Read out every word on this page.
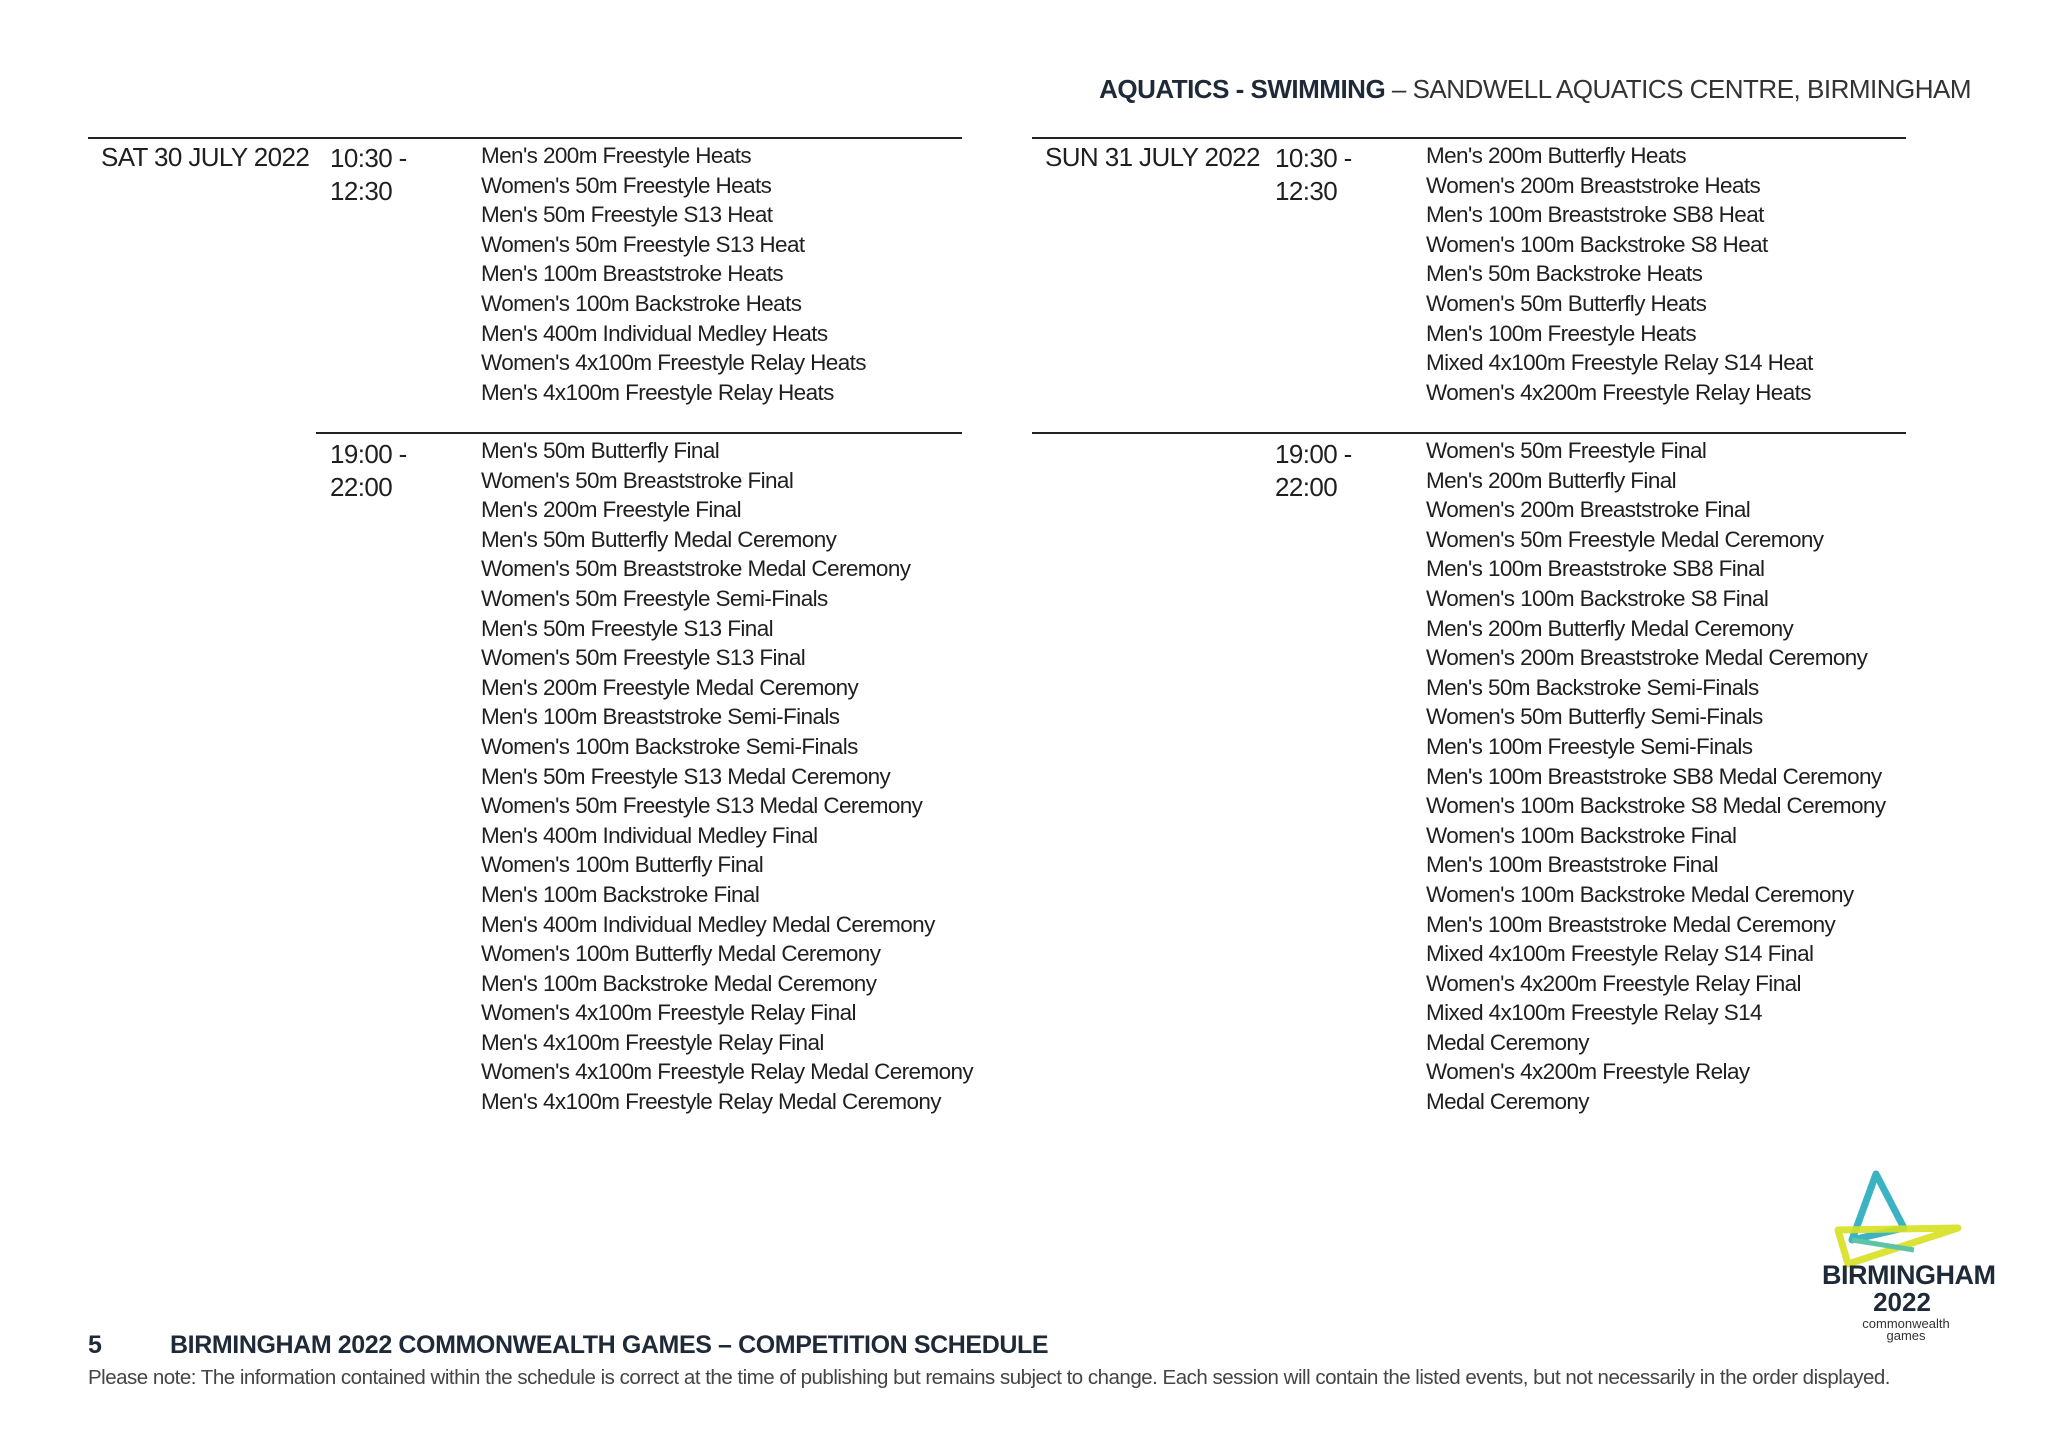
AQUATICS - SWIMMING – SANDWELL AQUATICS CENTRE, BIRMINGHAM
SAT 30 JULY 2022 10:30 -
12:30
Men's 200m Freestyle Heats
Women's 50m Freestyle Heats
Men's 50m Freestyle S13 Heat
Women's 50m Freestyle S13 Heat
Men's 100m Breaststroke Heats
Women's 100m Backstroke Heats
Men's 400m Individual Medley Heats
Women's 4x100m Freestyle Relay Heats
Men's 4x100m Freestyle Relay Heats
19:00 -
22:00
Men's 50m Butterfly Final
Women's 50m Breaststroke Final
Men's 200m Freestyle Final
Men's 50m Butterfly Medal Ceremony
Women's 50m Breaststroke Medal Ceremony
Women's 50m Freestyle Semi-Finals
Men's 50m Freestyle S13 Final
Women's 50m Freestyle S13 Final
Men's 200m Freestyle Medal Ceremony
Men's 100m Breaststroke Semi-Finals
Women's 100m Backstroke Semi-Finals
Men's 50m Freestyle S13 Medal Ceremony
Women's 50m Freestyle S13 Medal Ceremony
Men's 400m Individual Medley Final
Women's 100m Butterfly Final
Men's 100m Backstroke Final
Men's 400m Individual Medley Medal Ceremony
Women's 100m Butterfly Medal Ceremony
Men's 100m Backstroke Medal Ceremony
Women's 4x100m Freestyle Relay Final
Men's 4x100m Freestyle Relay Final
Women's 4x100m Freestyle Relay Medal Ceremony
Men's 4x100m Freestyle Relay Medal Ceremony
SUN 31 JULY 2022 10:30 -
12:30
Men's 200m Butterfly Heats
Women's 200m Breaststroke Heats
Men's 100m Breaststroke SB8 Heat
Women's 100m Backstroke S8 Heat
Men's 50m Backstroke Heats
Women's 50m Butterfly Heats
Men's 100m Freestyle Heats
Mixed 4x100m Freestyle Relay S14 Heat
Women's 4x200m Freestyle Relay Heats
19:00 -
22:00
Women's 50m Freestyle Final
Men's 200m Butterfly Final
Women's 200m Breaststroke Final
Women's 50m Freestyle Medal Ceremony
Men's 100m Breaststroke SB8 Final
Women's 100m Backstroke S8 Final
Men's 200m Butterfly Medal Ceremony
Women's 200m Breaststroke Medal Ceremony
Men's 50m Backstroke Semi-Finals
Women's 50m Butterfly Semi-Finals
Men's 100m Freestyle Semi-Finals
Men's 100m Breaststroke SB8 Medal Ceremony
Women's 100m Backstroke S8 Medal Ceremony
Women's 100m Backstroke Final
Men's 100m Breaststroke Final
Women's 100m Backstroke Medal Ceremony
Men's 100m Breaststroke Medal Ceremony
Mixed 4x100m Freestyle Relay S14 Final
Women's 4x200m Freestyle Relay Final
Mixed 4x100m Freestyle Relay S14
Medal Ceremony
Women's 4x200m Freestyle Relay
Medal Ceremony
BIRMINGHAM
2022
commonwealth
games
5	BIRMINGHAM 2022 COMMONWEALTH GAMES – COMPETITION SCHEDULE
Please note: The information contained within the schedule is correct at the time of publishing but remains subject to change. Each session will contain the listed events, but not necessarily in the order displayed.
